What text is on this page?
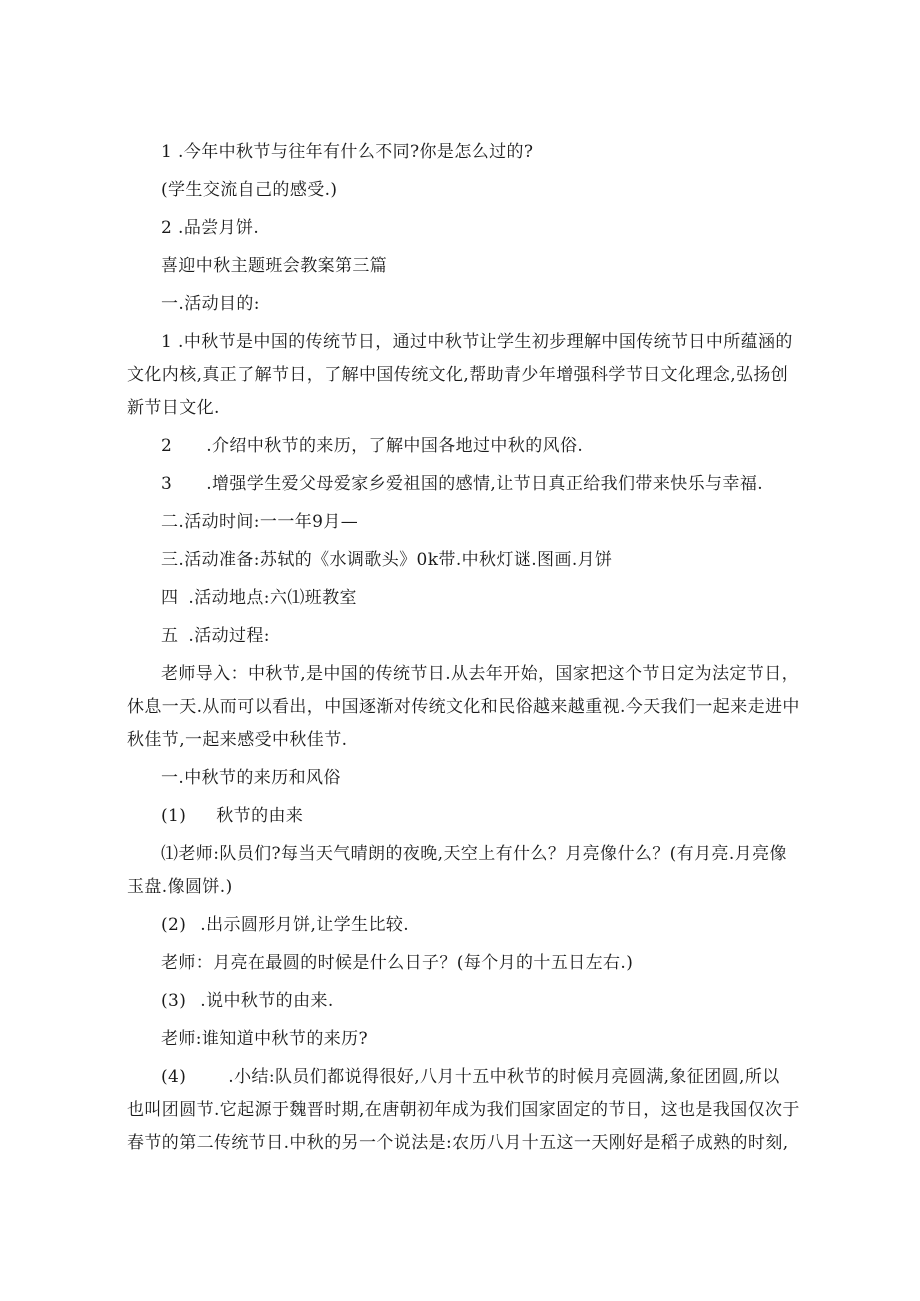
1 .今年中秋节与往年有什么不同?你是怎么过的?
(学生交流自己的感受.)
2 .品尝月饼.
喜迎中秋主题班会教案第三篇
一.活动目的:
1 .中秋节是中国的传统节日，通过中秋节让学生初步理解中国传统节日中所蕴涵的
文化内核,真正了解节日，了解中国传统文化,帮助青少年增强科学节日文化理念,弘扬创
新节日文化.
2 .介绍中秋节的来历，了解中国各地过中秋的风俗.
3 .增强学生爱父母爱家乡爱祖国的感情,让节日真正给我们带来快乐与幸福.
二.活动时间:一一年9月—
三.活动准备:苏轼的《水调歌头》0k带.中秋灯谜.图画.月饼
四 .活动地点:六⑴班教室
五 .活动过程:
老师导入：中秋节,是中国的传统节日.从去年开始，国家把这个节日定为法定节日，
休息一天.从而可以看出，中国逐渐对传统文化和民俗越来越重视.今天我们一起来走进中
秋佳节,一起来感受中秋佳节.
一.中秋节的来历和风俗
(1) 秋节的由来
⑴老师:队员们?每当天气晴朗的夜晚,天空上有什么？月亮像什么？(有月亮.月亮像
玉盘.像圆饼.)
(2) .出示圆形月饼,让学生比较.
老师：月亮在最圆的时候是什么日子？(每个月的十五日左右.)
(3) .说中秋节的由来.
老师:谁知道中秋节的来历?
(4) .小结:队员们都说得很好,八月十五中秋节的时候月亮圆满,象征团圆,所以
也叫团圆节.它起源于魏晋时期,在唐朝初年成为我们国家固定的节日，这也是我国仅次于
春节的第二传统节日.中秋的另一个说法是:农历八月十五这一天刚好是稻子成熟的时刻,
